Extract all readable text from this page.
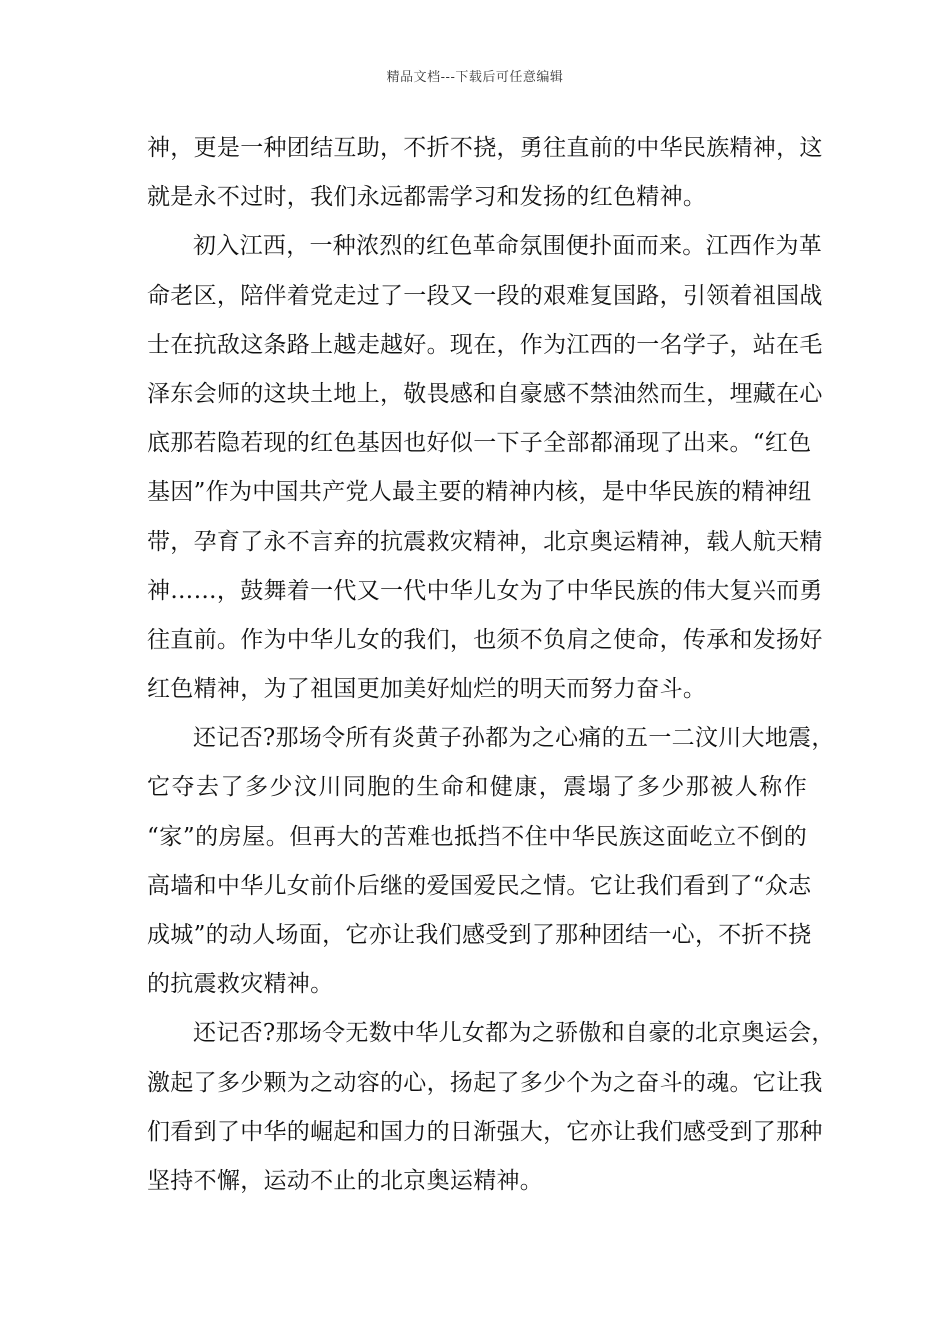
精品文档---下载后可任意编辑
神，更是一种团结互助，不折不挠，勇往直前的中华民族精神，这
就是永不过时，我们永远都需学习和发扬的红色精神。
初入江西，一种浓烈的红色革命氛围便扑面而来。江西作为革
命老区，陪伴着党走过了一段又一段的艰难复国路，引领着祖国战
士在抗敌这条路上越走越好。现在，作为江西的一名学子，站在毛
泽东会师的这块土地上，敬畏感和自豪感不禁油然而生，埋藏在心
底那若隐若现的红色基因也好似一下子全部都涌现了出来。“红色
基因”作为中国共产党人最主要的精神内核，是中华民族的精神纽
带，孕育了永不言弃的抗震救灾精神，北京奥运精神，载人航天精
神……，鼓舞着一代又一代中华儿女为了中华民族的伟大复兴而勇
往直前。作为中华儿女的我们，也须不负肩之使命，传承和发扬好
红色精神，为了祖国更加美好灿烂的明天而努力奋斗。
还记否?那场令所有炎黄子孙都为之心痛的五一二汶川大地震，
它夺去了多少汶川同胞的生命和健康，震塌了多少那被人称作
“家”的房屋。但再大的苦难也抵挡不住中华民族这面屹立不倒的
高墙和中华儿女前仆后继的爱国爱民之情。它让我们看到了“众志
成城”的动人场面，它亦让我们感受到了那种团结一心，不折不挠
的抗震救灾精神。
还记否?那场令无数中华儿女都为之骄傲和自豪的北京奥运会，
激起了多少颗为之动容的心，扬起了多少个为之奋斗的魂。它让我
们看到了中华的崛起和国力的日渐强大，它亦让我们感受到了那种
坚持不懈，运动不止的北京奥运精神。
